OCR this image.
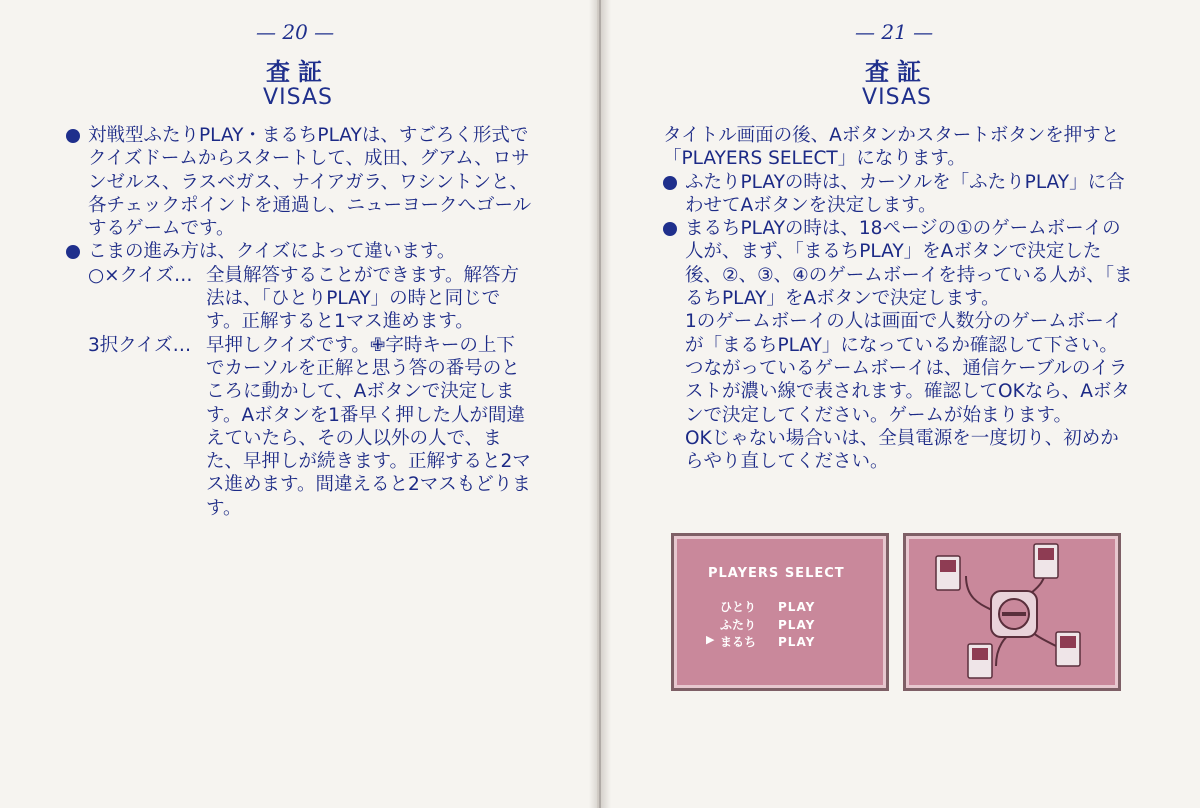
— 20 —
査証
VISAS
対戦型ふたりPLAY・まるちPLAYは、すごろく形式でクイズドームからスタートして、成田、グアム、ロサンゼルス、ラスベガス、ナイアガラ、ワシントンと、各チェックポイントを通過し、ニューヨークへゴールするゲームです。
こまの進み方は、クイズによって違います。
○×クイズ… 全員解答することができます。解答方法は、「ひとりPLAY」の時と同じです。正解すると1マス進めます。
3択クイズ… 早押しクイズです。✙字時キーの上下でカーソルを正解と思う答の番号のところに動かして、Aボタンで決定します。Aボタンを1番早く押した人が間違えていたら、その人以外の人で、また、早押しが続きます。正解すると2マス進めます。間違えると2マスもどります。
— 21 —
査証
VISAS
タイトル画面の後、Aボタンかスタートボタンを押すと「PLAYERS SELECT」になります。
ふたりPLAYの時は、カーソルを「ふたりPLAY」に合わせてAボタンを決定します。
まるちPLAYの時は、18ページの①のゲームボーイの人が、まず、「まるちPLAY」をAボタンで決定した後、②、③、④のゲームボーイを持っている人が、「まるちPLAY」をAボタンで決定します。
1のゲームボーイの人は画面で人数分のゲームボーイが「まるちPLAY」になっているか確認して下さい。つながっているゲームボーイは、通信ケーブルのイラストが濃い線で表されます。確認してOKなら、Aボタンで決定してください。ゲームが始まります。
OKじゃない場合いは、全員電源を一度切り、初めからやり直してください。
PLAYERS SELECT
ひとり PLAY
ふたり PLAY
▶ まるち PLAY
